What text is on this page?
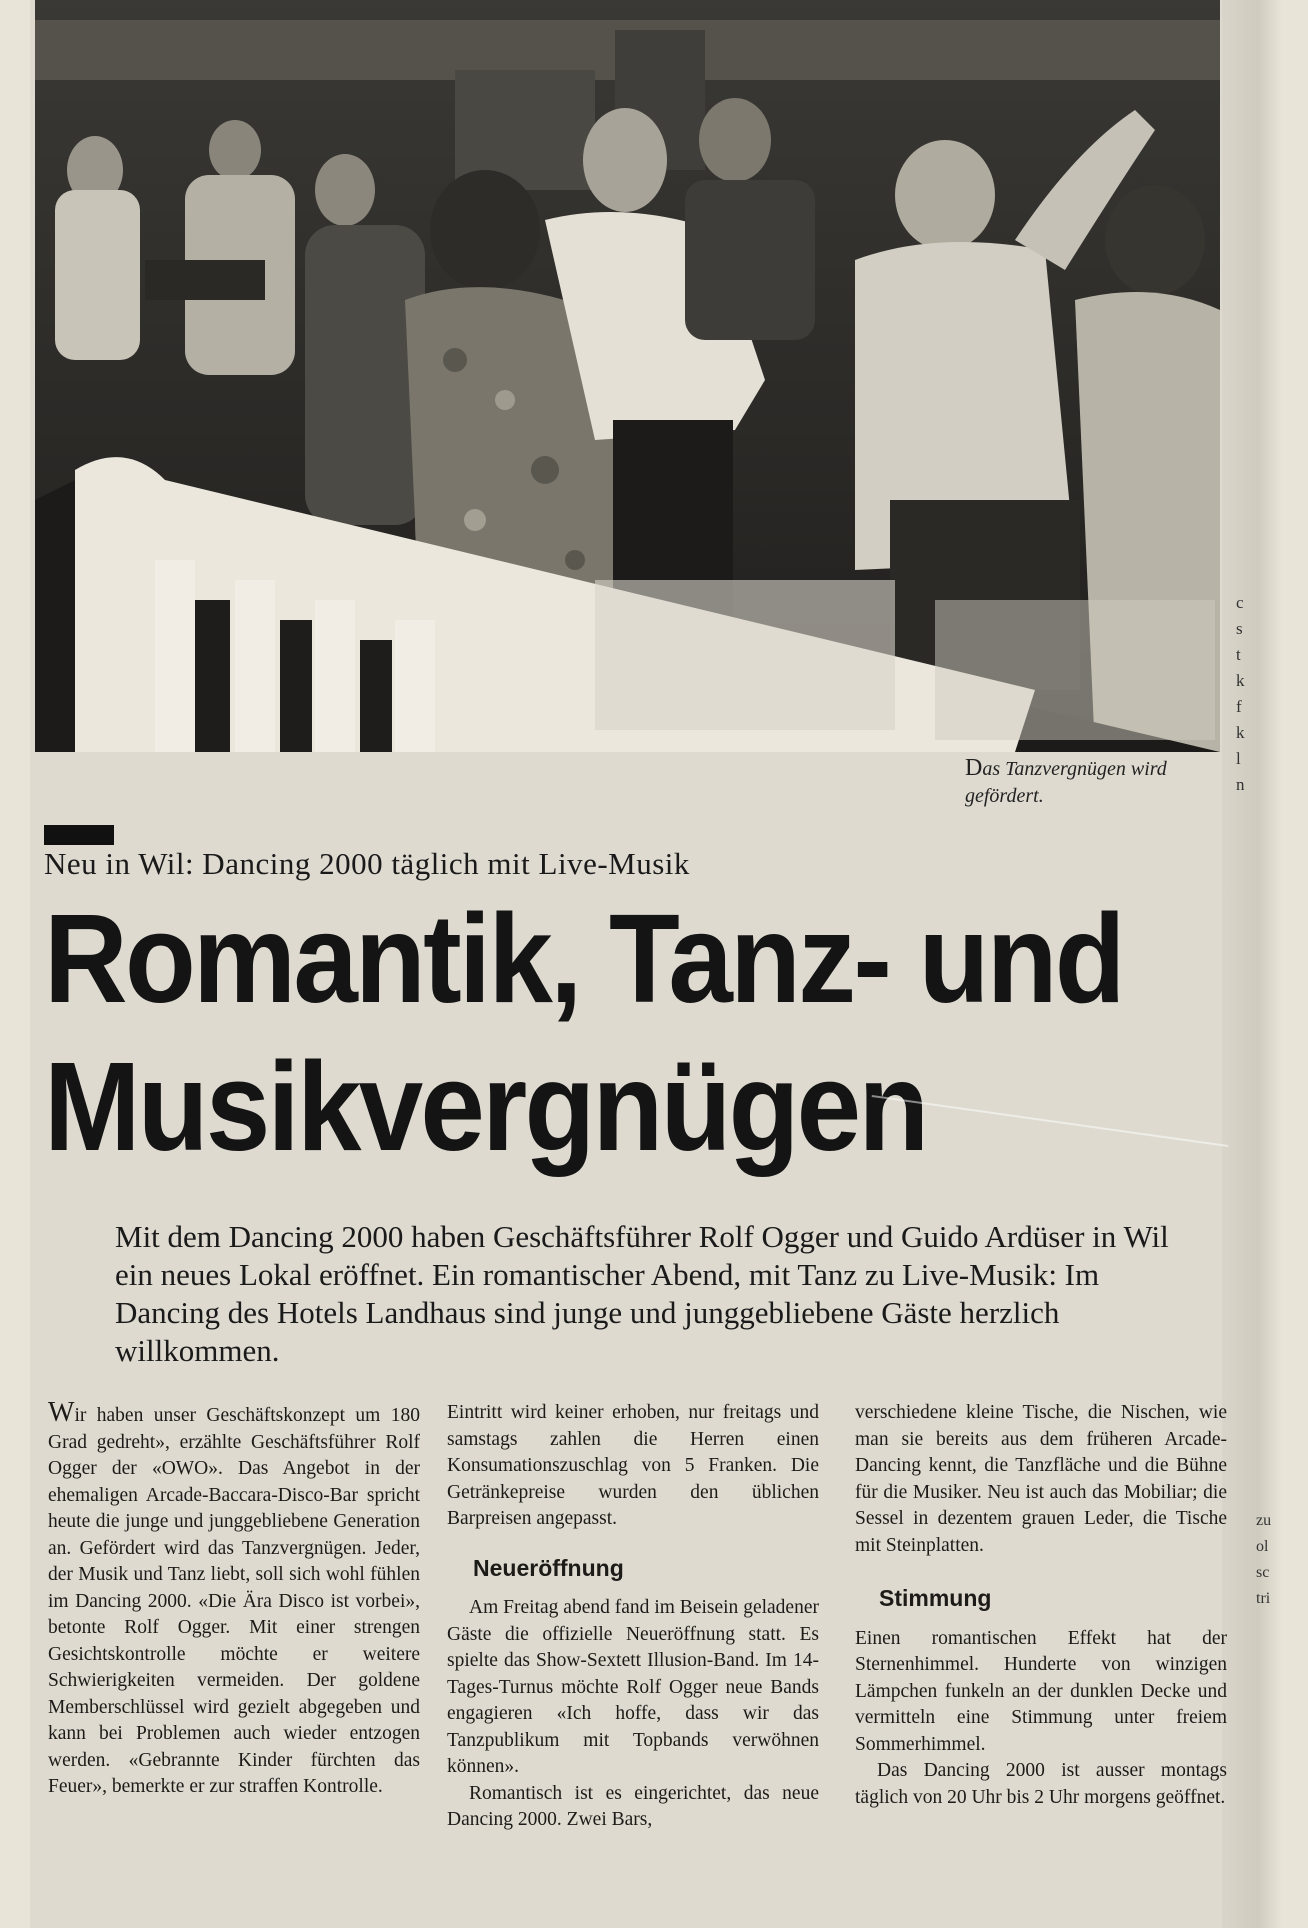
c
s
t
k
f
k
l
n
zu
ol
sc
tri
Das Tanzvergnügen wird gefördert.
Neu in Wil: Dancing 2000 täglich mit Live-Musik
Romantik, Tanz- und
Musikvergnügen
Mit dem Dancing 2000 haben Geschäftsführer Rolf Ogger und Guido Ardüser in Wil ein neues Lokal eröffnet. Ein romantischer Abend, mit Tanz zu Live-Musik: Im Dancing des Hotels Landhaus sind junge und junggebliebene Gäste herzlich willkommen.

Wir haben unser Geschäftskonzept um 180 Grad gedreht», erzählte Geschäftsführer Rolf Ogger der «OWO». Das Angebot in der ehemaligen Arcade-Baccara-Disco-Bar spricht heute die junge und junggebliebene Generation an. Gefördert wird das Tanzvergnügen. Jeder, der Musik und Tanz liebt, soll sich wohl fühlen im Dancing 2000. «Die Ära Disco ist vorbei», betonte Rolf Ogger. Mit einer strengen Gesichtskontrolle möchte er weitere Schwierigkeiten vermeiden. Der goldene Memberschlüssel wird gezielt abgegeben und kann bei Problemen auch wieder entzogen werden. «Gebrannte Kinder fürchten das Feuer», bemerkte er zur straffen Kontrolle.

Eintritt wird keiner erhoben, nur freitags und samstags zahlen die Herren einen Konsumationszuschlag von 5 Franken. Die Getränkepreise wurden den üblichen Barpreisen angepasst.

Neueröffnung

Am Freitag abend fand im Beisein geladener Gäste die offizielle Neueröffnung statt. Es spielte das Show-Sextett Illusion-Band. Im 14-Tages-Turnus möchte Rolf Ogger neue Bands engagieren «Ich hoffe, dass wir das Tanzpublikum mit Topbands verwöhnen können».

Romantisch ist es eingerichtet, das neue Dancing 2000. Zwei Bars,

verschiedene kleine Tische, die Nischen, wie man sie bereits aus dem früheren Arcade-Dancing kennt, die Tanzfläche und die Bühne für die Musiker. Neu ist auch das Mobiliar; die Sessel in dezentem grauen Leder, die Tische mit Steinplatten.

Stimmung

Einen romantischen Effekt hat der Sternenhimmel. Hunderte von winzigen Lämpchen funkeln an der dunklen Decke und vermitteln eine Stimmung unter freiem Sommerhimmel.

Das Dancing 2000 ist ausser montags täglich von 20 Uhr bis 2 Uhr morgens geöffnet.
